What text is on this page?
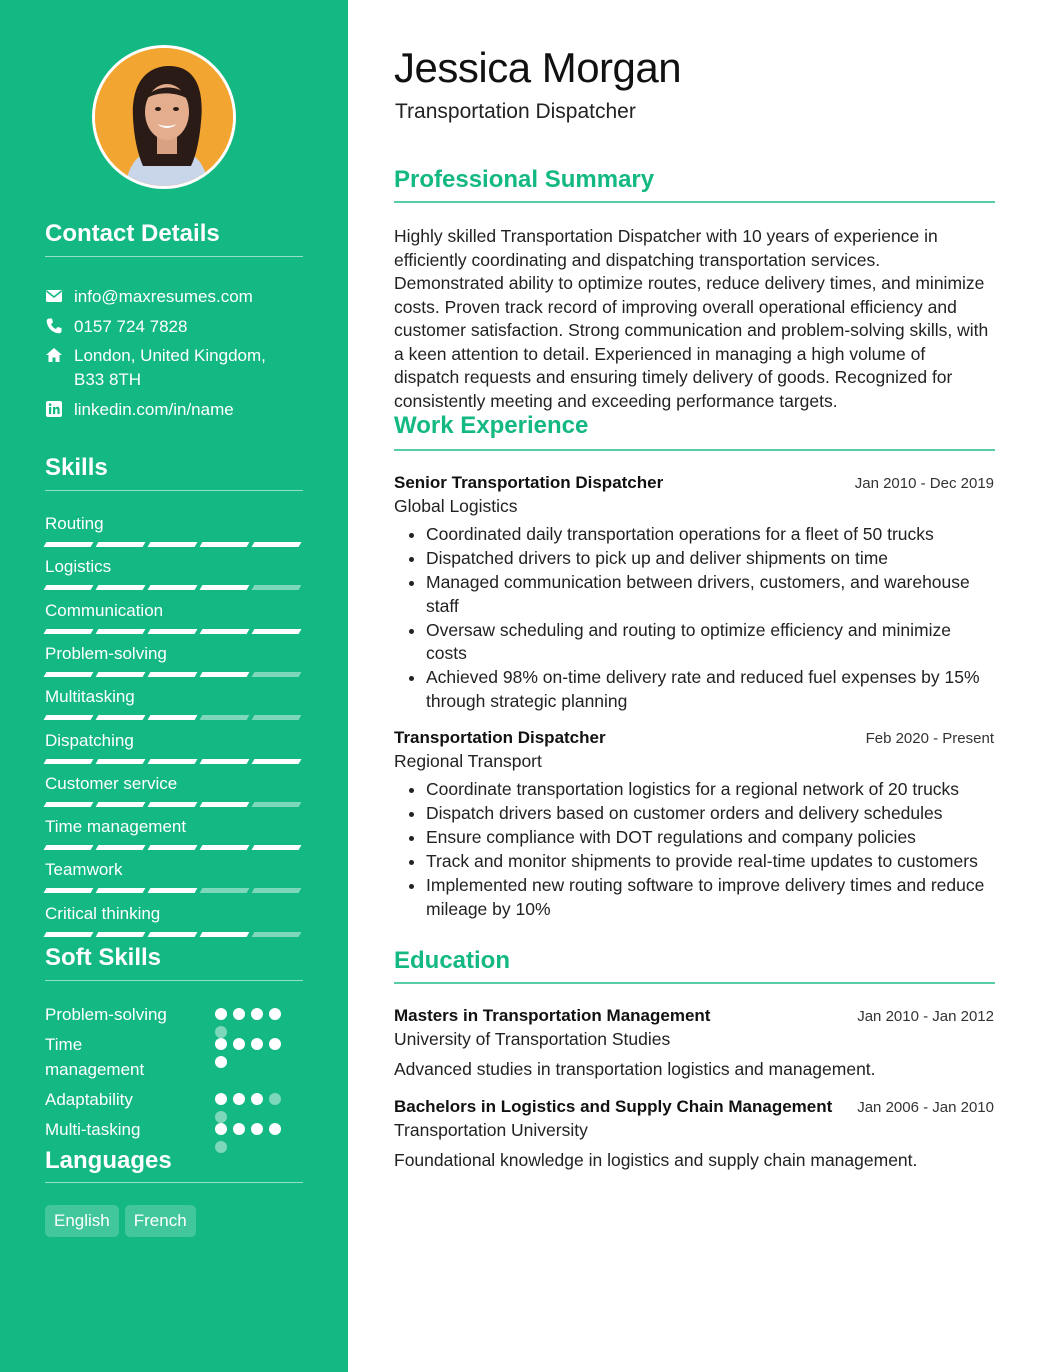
Contact Details
info@maxresumes.com
0157 724 7828
London, United Kingdom,
B33 8TH
linkedin.com/in/name
Skills
Routing
Logistics
Communication
Problem-solving
Multitasking
Dispatching
Customer service
Time management
Teamwork
Critical thinking
Soft Skills
Problem-solving
Time management
Adaptability
Multi-tasking
Languages
English	French
Jessica Morgan
Transportation Dispatcher
Professional Summary

Highly skilled Transportation Dispatcher with 10 years of experience in efficiently coordinating and dispatching transportation services. Demonstrated ability to optimize routes, reduce delivery times, and minimize costs. Proven track record of improving overall operational efficiency and customer satisfaction. Strong communication and problem-solving skills, with a keen attention to detail. Experienced in managing a high volume of dispatch requests and ensuring timely delivery of goods. Recognized for consistently meeting and exceeding performance targets.

Work Experience
Senior Transportation Dispatcher	Jan 2010 - Dec 2019
Global Logistics
• Coordinated daily transportation operations for a fleet of 50 trucks
• Dispatched drivers to pick up and deliver shipments on time
• Managed communication between drivers, customers, and warehouse staff
• Oversaw scheduling and routing to optimize efficiency and minimize costs
• Achieved 98% on-time delivery rate and reduced fuel expenses by 15% through strategic planning
Transportation Dispatcher	Feb 2020 - Present
Regional Transport
• Coordinate transportation logistics for a regional network of 20 trucks
• Dispatch drivers based on customer orders and delivery schedules
• Ensure compliance with DOT regulations and company policies
• Track and monitor shipments to provide real-time updates to customers
• Implemented new routing software to improve delivery times and reduce mileage by 10%
Education
Masters in Transportation Management	Jan 2010 - Jan 2012
University of Transportation Studies
Advanced studies in transportation logistics and management.
Bachelors in Logistics and Supply Chain Management Jan 2006 - Jan 2010
Transportation University
Foundational knowledge in logistics and supply chain management.
